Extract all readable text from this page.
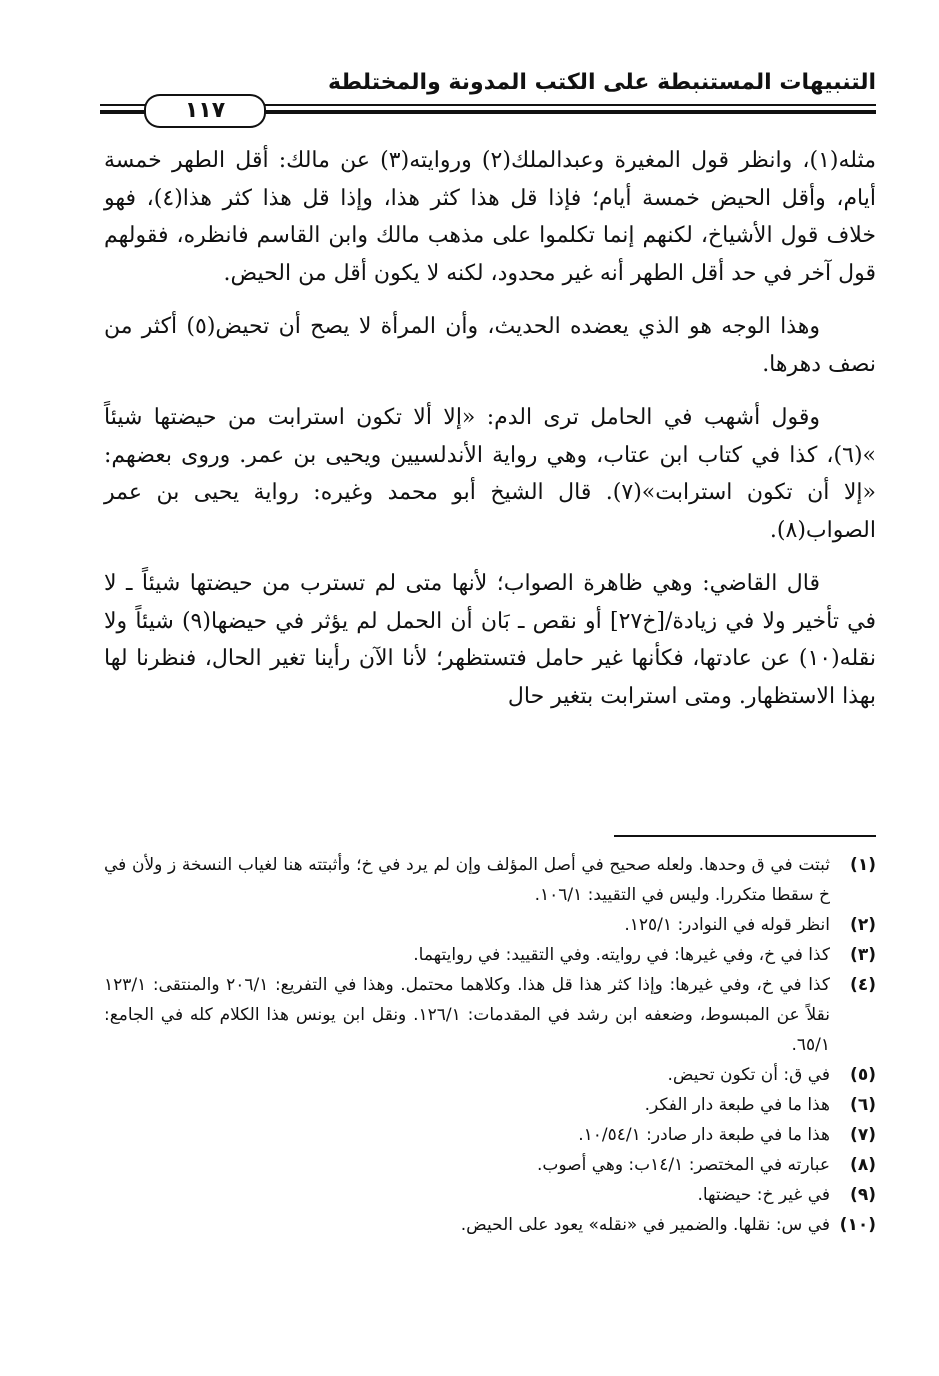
التنبيهات المستنبطة على الكتب المدونة والمختلطة
١١٧

مثله(١)، وانظر قول المغيرة وعبدالملك(٢) وروايته(٣) عن مالك: أقل الطهر خمسة أيام، وأقل الحيض خمسة أيام؛ فإذا قل هذا كثر هذا، وإذا قل هذا كثر هذا(٤)، فهو خلاف قول الأشياخ، لكنهم إنما تكلموا على مذهب مالك وابن القاسم فانظره، فقولهم قول آخر في حد أقل الطهر أنه غير محدود، لكنه لا يكون أقل من الحيض.

وهذا الوجه هو الذي يعضده الحديث، وأن المرأة لا يصح أن تحيض(٥) أكثر من نصف دهرها.

وقول أشهب في الحامل ترى الدم: «إلا ألا تكون استرابت من حيضتها شيئاً »(٦)، كذا في كتاب ابن عتاب، وهي رواية الأندلسيين ويحيى بن عمر. وروى بعضهم: «إلا أن تكون استرابت»(٧). قال الشيخ أبو محمد وغيره: رواية يحيى بن عمر الصواب(٨).

قال القاضي: وهي ظاهرة الصواب؛ لأنها متى لم تسترب من حيضتها شيئاً ـ لا في تأخير ولا في زيادة/[خ٢٧] أو نقص ـ بَان أن الحمل لم يؤثر في حيضها(٩) شيئاً ولا نقله(١٠) عن عادتها، فكأنها غير حامل فتستظهر؛ لأنا الآن رأينا تغير الحال، فنظرنا لها بهذا الاستظهار. ومتى استرابت بتغير حال

(١)
ثبتت في ق وحدها. ولعله صحيح في أصل المؤلف وإن لم يرد في خ؛ وأثبتته هنا لغياب النسخة ز ولأن في خ سقطا متكررا. وليس في التقييد: ١٠٦/١.
(٢)
انظر قوله في النوادر: ١٢٥/١.
(٣)
كذا في خ، وفي غيرها: في روايته. وفي التقييد: في روايتهما.
(٤)
كذا في خ، وفي غيرها: وإذا كثر هذا قل هذا. وكلاهما محتمل. وهذا في التفريع: ٢٠٦/١ والمنتقى: ١٢٣/١ نقلاً عن المبسوط، وضعفه ابن رشد في المقدمات: ١٢٦/١. ونقل ابن يونس هذا الكلام كله في الجامع: ٦٥/١.
(٥)
في ق: أن تكون تحيض.
(٦)
هذا ما في طبعة دار الفكر.
(٧)
هذا ما في طبعة دار صادر: ١٠/٥٤/١.
(٨)
عبارته في المختصر: ١٤/١ب: وهي أصوب.
(٩)
في غير خ: حيضتها.
(١٠)
في س: نقلها. والضمير في «نقله» يعود على الحيض.
